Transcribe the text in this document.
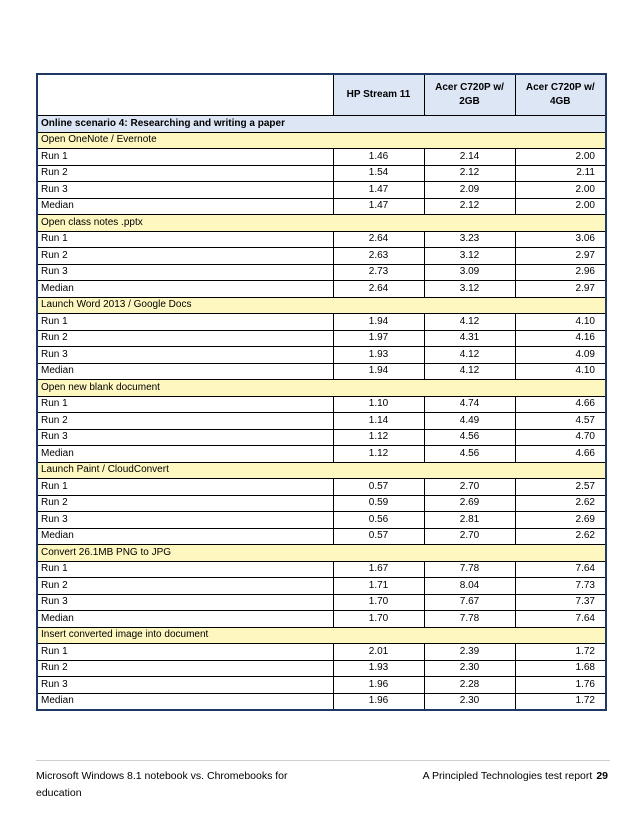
	HP Stream 11	Acer C720P w/ 2GB	Acer C720P w/ 4GB
Online scenario 4: Researching and writing a paper			
Open OneNote / Evernote			
Run 1	1.46	2.14	2.00
Run 2	1.54	2.12	2.11
Run 3	1.47	2.09	2.00
Median	1.47	2.12	2.00
Open class notes .pptx			
Run 1	2.64	3.23	3.06
Run 2	2.63	3.12	2.97
Run 3	2.73	3.09	2.96
Median	2.64	3.12	2.97
Launch Word 2013 / Google Docs			
Run 1	1.94	4.12	4.10
Run 2	1.97	4.31	4.16
Run 3	1.93	4.12	4.09
Median	1.94	4.12	4.10
Open new blank document			
Run 1	1.10	4.74	4.66
Run 2	1.14	4.49	4.57
Run 3	1.12	4.56	4.70
Median	1.12	4.56	4.66
Launch Paint / CloudConvert			
Run 1	0.57	2.70	2.57
Run 2	0.59	2.69	2.62
Run 3	0.56	2.81	2.69
Median	0.57	2.70	2.62
Convert 26.1MB PNG to JPG			
Run 1	1.67	7.78	7.64
Run 2	1.71	8.04	7.73
Run 3	1.70	7.67	7.37
Median	1.70	7.78	7.64
Insert converted image into document			
Run 1	2.01	2.39	1.72
Run 2	1.93	2.30	1.68
Run 3	1.96	2.28	1.76
Median	1.96	2.30	1.72
Microsoft Windows 8.1 notebook vs. Chromebooks for education
A Principled Technologies test report 29
